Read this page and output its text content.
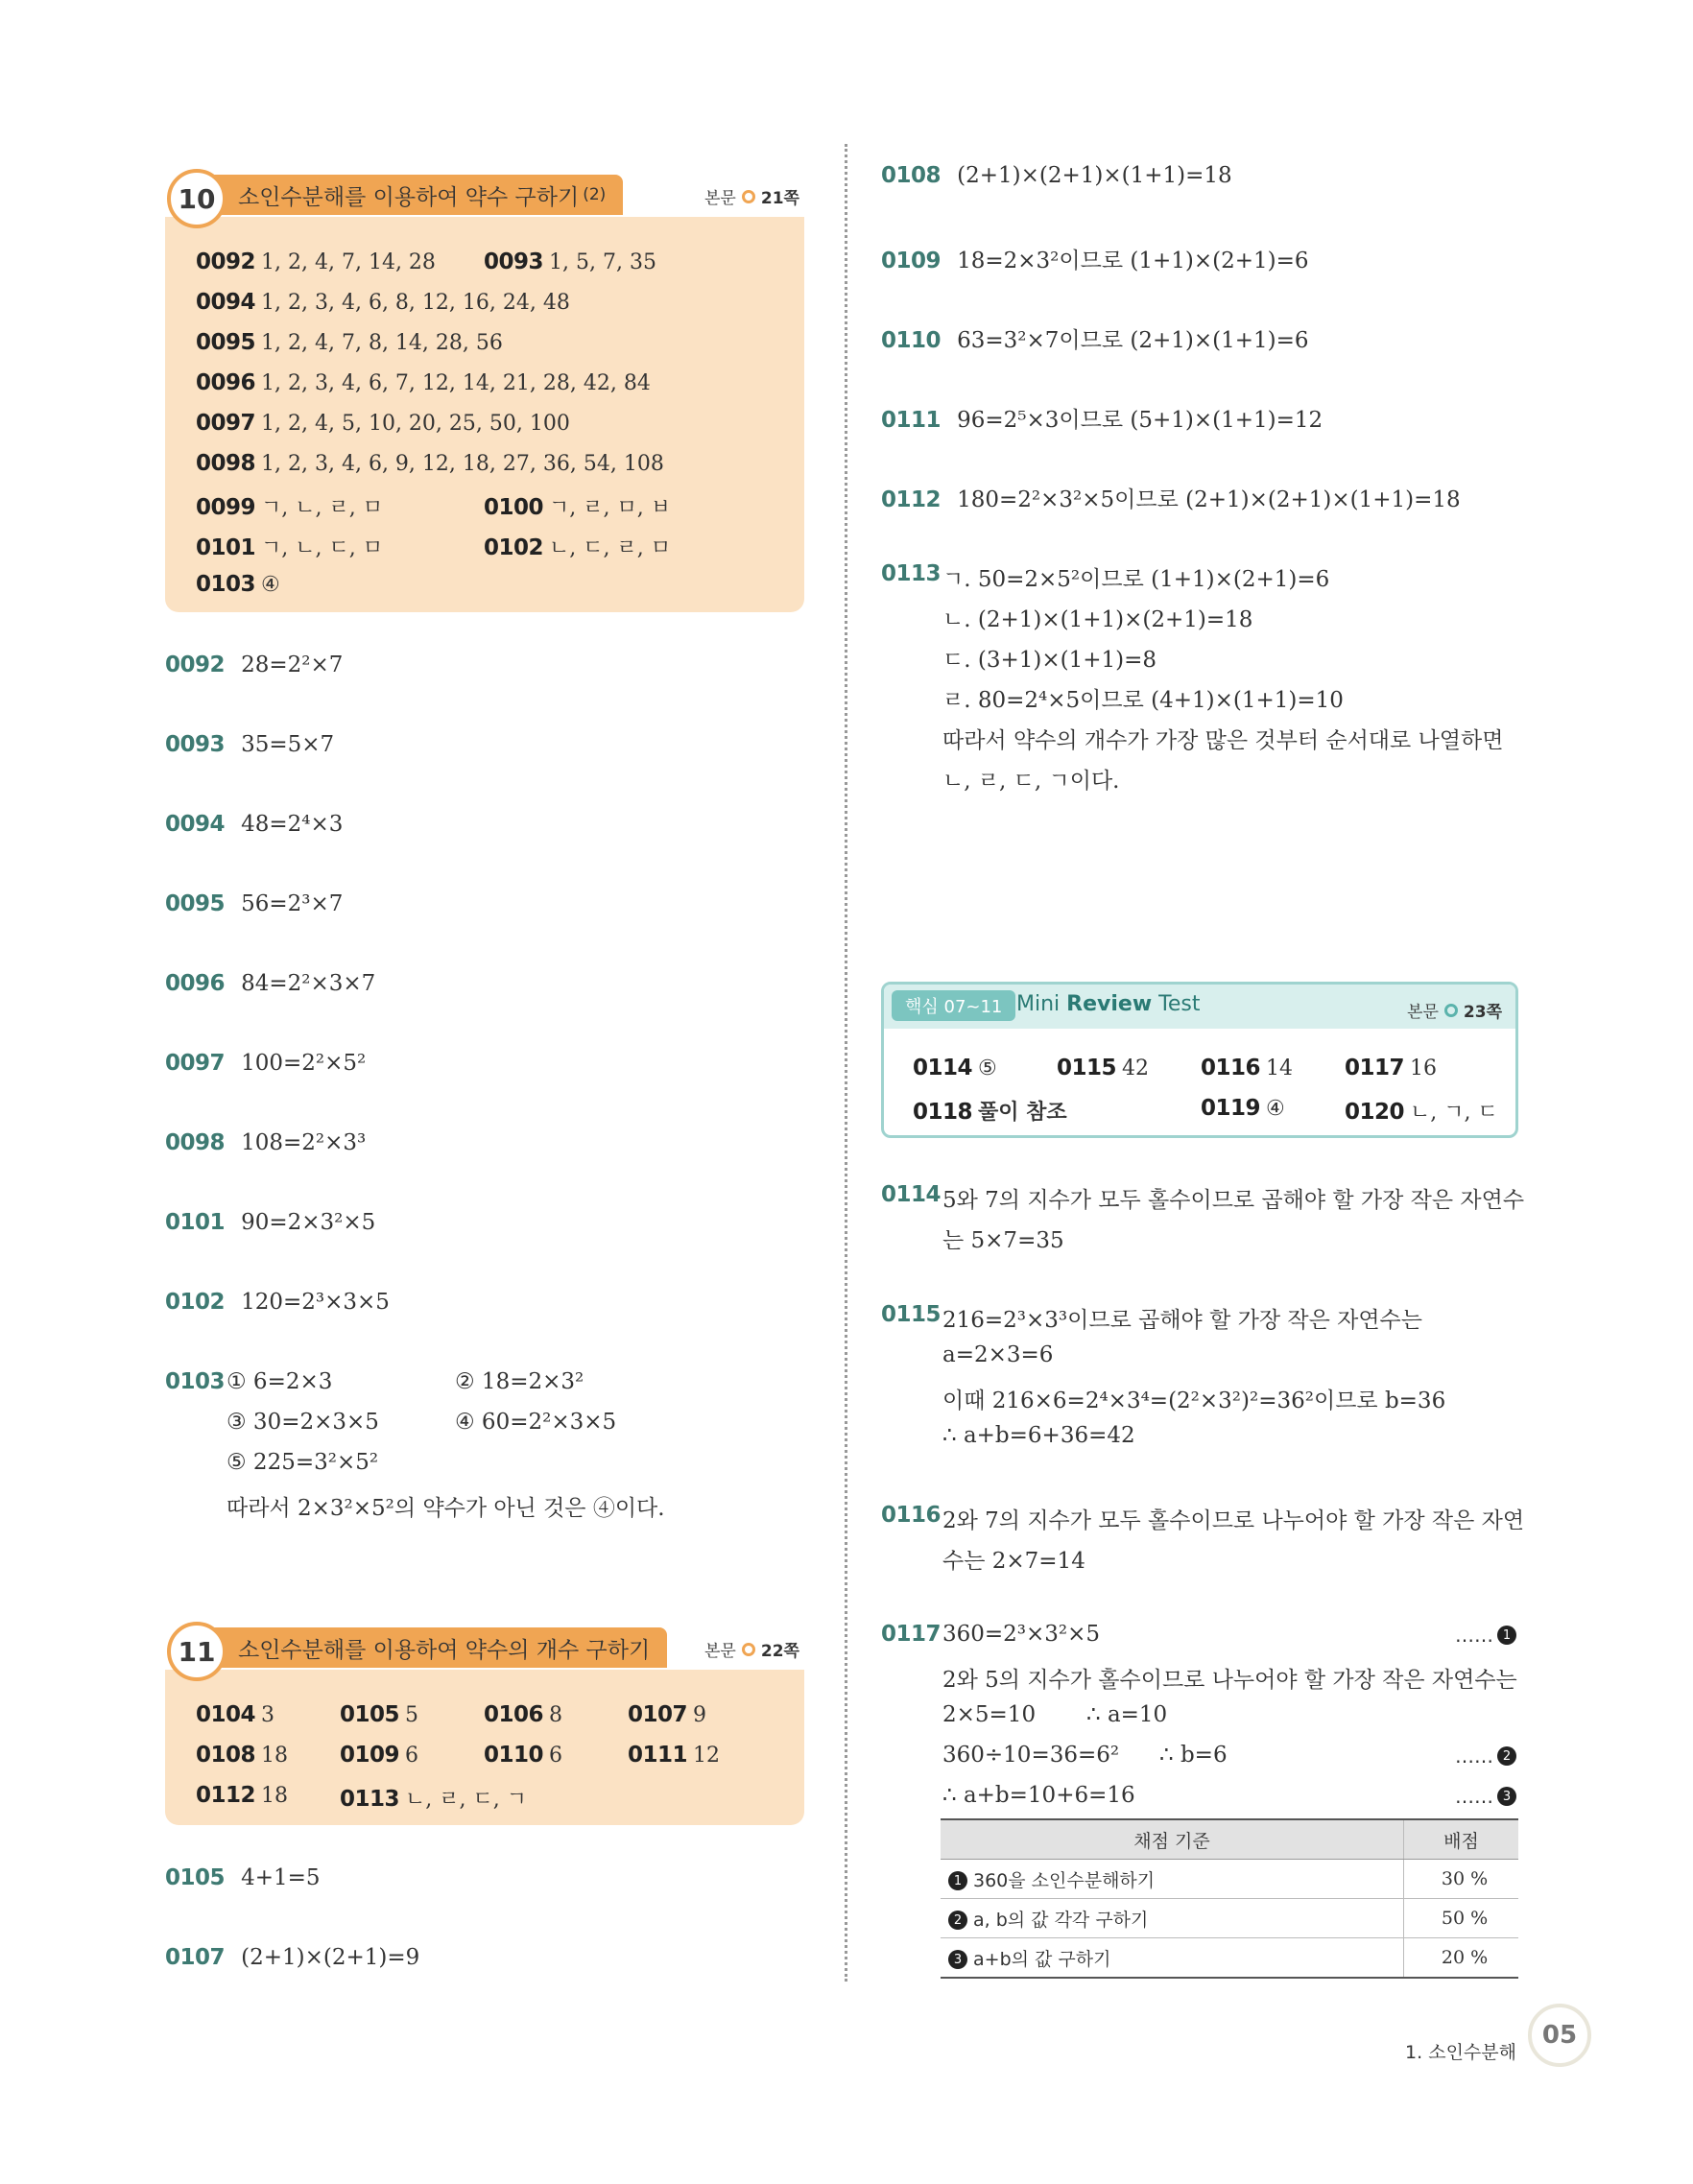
10	소인수분해를 이용하여 약수 구하기 (2)	본문 21쪽
0092 1, 2, 4, 7, 14, 28 0093 1, 5, 7, 35
0094 1, 2, 3, 4, 6, 8, 12, 16, 24, 48
0095 1, 2, 4, 7, 8, 14, 28, 56
0096 1, 2, 3, 4, 6, 7, 12, 14, 21, 28, 42, 84
0097 1, 2, 4, 5, 10, 20, 25, 50, 100
0098 1, 2, 3, 4, 6, 9, 12, 18, 27, 36, 54, 108
0099 ㄱ, ㄴ, ㄹ, ㅁ	0100 ㄱ, ㄹ, ㅁ, ㅂ
0101 ㄱ, ㄴ, ㄷ, ㅁ	0102 ㄴ, ㄷ, ㄹ, ㅁ
0103 ④
0092 28=2²×7
0093 35=5×7
0094 48=2⁴×3
0095 56=2³×7
0096 84=2²×3×7
0097 100=2²×5²
0098 108=2²×3³
0101 90=2×3²×5
0102 120=2³×3×5
0103 ① 6=2×3	② 18=2×3²
③ 30=2×3×5	④ 60=2²×3×5
⑤ 225=3²×5²
따라서 2×3²×5²의 약수가 아닌 것은 ④이다.
11	소인수분해를 이용하여 약수의 개수 구하기	본문 22쪽
0104 3	0105 5	0106 8	0107 9
0108 18 0109 6	0110 6	0111 12
0112 18 0113 ㄴ, ㄹ, ㄷ, ㄱ
0105 4+1=5
0107 (2+1)×(2+1)=9
0108 (2+1)×(2+1)×(1+1)=18
0109 18=2×3²이므로 (1+1)×(2+1)=6
0110 63=3²×7이므로 (2+1)×(1+1)=6
0111 96=2⁵×3이므로 (5+1)×(1+1)=12
0112 180=2²×3²×5이므로 (2+1)×(2+1)×(1+1)=18
0113 ㄱ. 50=2×5²이므로 (1+1)×(2+1)=6
ㄴ. (2+1)×(1+1)×(2+1)=18
ㄷ. (3+1)×(1+1)=8
ㄹ. 80=2⁴×5이므로 (4+1)×(1+1)=10
따라서 약수의 개수가 가장 많은 것부터 순서대로 나열하면
ㄴ, ㄹ, ㄷ, ㄱ이다.
핵심 07~11 Mini Review Test	본문 23쪽
0114 ⑤	0115 42 0116 14 0117 16
0118 풀이 참조	0119 ④	0120 ㄴ, ㄱ, ㄷ
0114 5와 7의 지수가 모두 홀수이므로 곱해야 할 가장 작은 자연수
는 5×7=35
0115 216=2³×3³이므로 곱해야 할 가장 작은 자연수는
a=2×3=6
이때 216×6=2⁴×3⁴=(2²×3²)²=36²이므로 b=36
∴ a+b=6+36=42
0116 2와 7의 지수가 모두 홀수이므로 나누어야 할 가장 작은 자연
수는 2×7=14
0117 360=2³×3²×5	…… 1
2와 5의 지수가 홀수이므로 나누어야 할 가장 작은 자연수는
2×5=10 ∴ a=10
360÷10=36=6² ∴ b=6	…… 2
∴ a+b=10+6=16	…… 3
채점 기준	배점
1 360을 소인수분해하기	30 %
2 a, b의 값 각각 구하기	50 %
3 a+b의 값 구하기	20 %
1. 소인수분해
05
